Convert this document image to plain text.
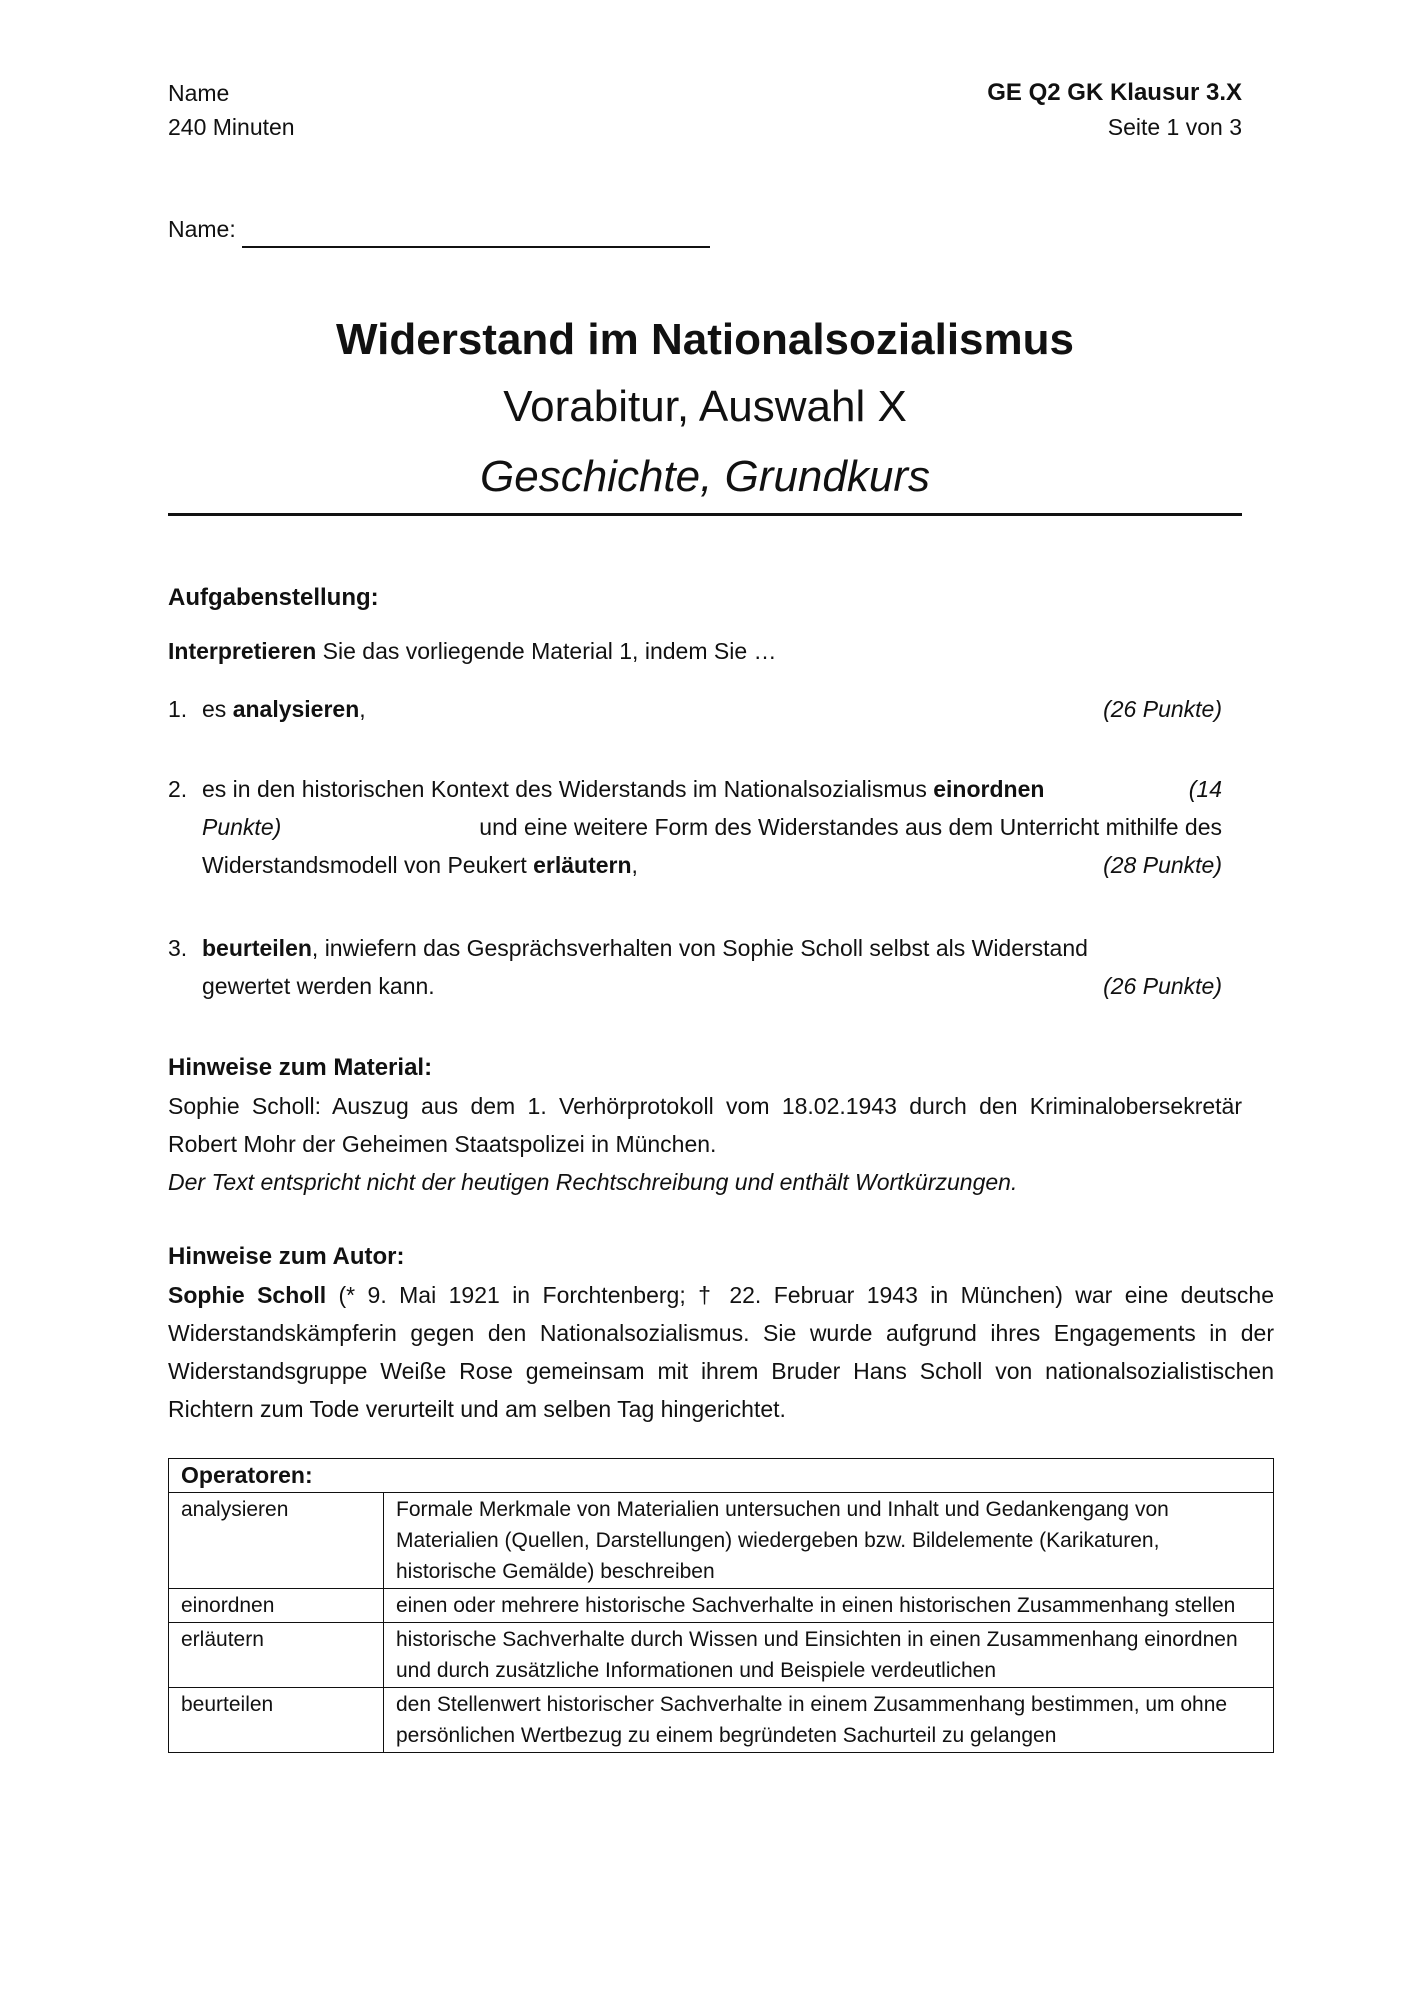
Name
240 Minuten
GE Q2 GK Klausur 3.X
Seite 1 von 3
Name:
Widerstand im Nationalsozialismus
Vorabitur, Auswahl X
Geschichte, Grundkurs
Aufgabenstellung:
Interpretieren Sie das vorliegende Material 1, indem Sie …
1. es analysieren,	(26 Punkte)
2. es in den historischen Kontext des Widerstands im Nationalsozialismus einordnen	(14
Punkte)	und eine weitere Form des Widerstandes aus dem Unterricht mithilfe des
Widerstandsmodell von Peukert erläutern,	(28 Punkte)
3. beurteilen, inwiefern das Gesprächsverhalten von Sophie Scholl selbst als Widerstand
gewertet werden kann.	(26 Punkte)
Hinweise zum Material:
Sophie Scholl: Auszug aus dem 1. Verhörprotokoll vom 18.02.1943 durch den Kriminalobersekretär Robert Mohr der Geheimen Staatspolizei in München.
Der Text entspricht nicht der heutigen Rechtschreibung und enthält Wortkürzungen.
Hinweise zum Autor:
Sophie Scholl (* 9. Mai 1921 in Forchtenberg; † 22. Februar 1943 in München) war eine deutsche Widerstandskämpferin gegen den Nationalsozialismus. Sie wurde aufgrund ihres Engagements in der Widerstandsgruppe Weiße Rose gemeinsam mit ihrem Bruder Hans Scholl von nationalsozialistischen Richtern zum Tode verurteilt und am selben Tag hingerichtet.
Operatoren:	
analysieren	Formale Merkmale von Materialien untersuchen und Inhalt und Gedankengang von Materialien (Quellen, Darstellungen) wiedergeben bzw. Bildelemente (Karikaturen, historische Gemälde) beschreiben
einordnen	einen oder mehrere historische Sachverhalte in einen historischen Zusammenhang stellen
erläutern	historische Sachverhalte durch Wissen und Einsichten in einen Zusammenhang einordnen und durch zusätzliche Informationen und Beispiele verdeutlichen
beurteilen	den Stellenwert historischer Sachverhalte in einem Zusammenhang bestimmen, um ohne persönlichen Wertbezug zu einem begründeten Sachurteil zu gelangen
